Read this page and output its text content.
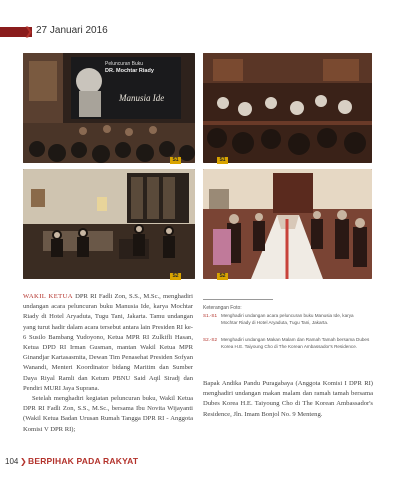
❯ 27 Januari 2016
Peluncuran Buku
DR. Mochtar Riady
Manusia Ide
S1	S1
S2	S2
WAKIL KETUA DPR RI Fadli Zon, S.S., M.Sc., menghadiri undangan acara peluncuran buku Manusia Ide, karya Mochtar Riady di Hotel Aryaduta, Tugu Tani, Jakarta. Tamu undangan yang turut hadir dalam acara tersebut antara lain Presiden RI ke-6 Susilo Bambang Yudoyono, Ketua MPR RI Zulkifli Hasan, Ketua DPD RI Irman Gusman, mantan Wakil Ketua MPR Ginandjar Kartasasmita, Dewan Tim Penasehat Presiden Sofyan Wanandi, Menteri Koordinator bidang Maritim dan Sumber Daya Riyal Ramli dan Ketum PBNU Said Aqil Siradj dan Pendiri MURI Jaya Suprana.
Setelah menghadiri kegiatan peluncuran buku, Wakil Ketua DPR RI Fadli Zon, S.S., M.Sc., bersama Ibu Novita Wijayanti (Wakil Ketua Badan Urusan Rumah Tangga DPR RI - Anggota Komisi V DPR RI);
Keterangan Foto:
S1.-S1 Menghadiri undangan acara peluncuran buku Manusia Ide, karya Mochtar Riady di Hotel Aryaduta, Tugu Tani, Jakarta.
S2.-S2 Menghadiri undangan Makan Malam dan Ramah Tamah bersama Dubes Korea H.E. Taiyoung Cho di The Korean Ambassador's Residence.
Bapak Andika Pandu Puragabaya (Anggota Komisi I DPR RI) menghadiri undangan makan malam dan ramah tamah bersama Dubes Korea H.E. Taiyoung Cho di The Korean Ambassador's Residence, Jln. Imam Bonjol No. 9 Menteng.
104 ❯ BERPIHAK PADA RAKYAT
